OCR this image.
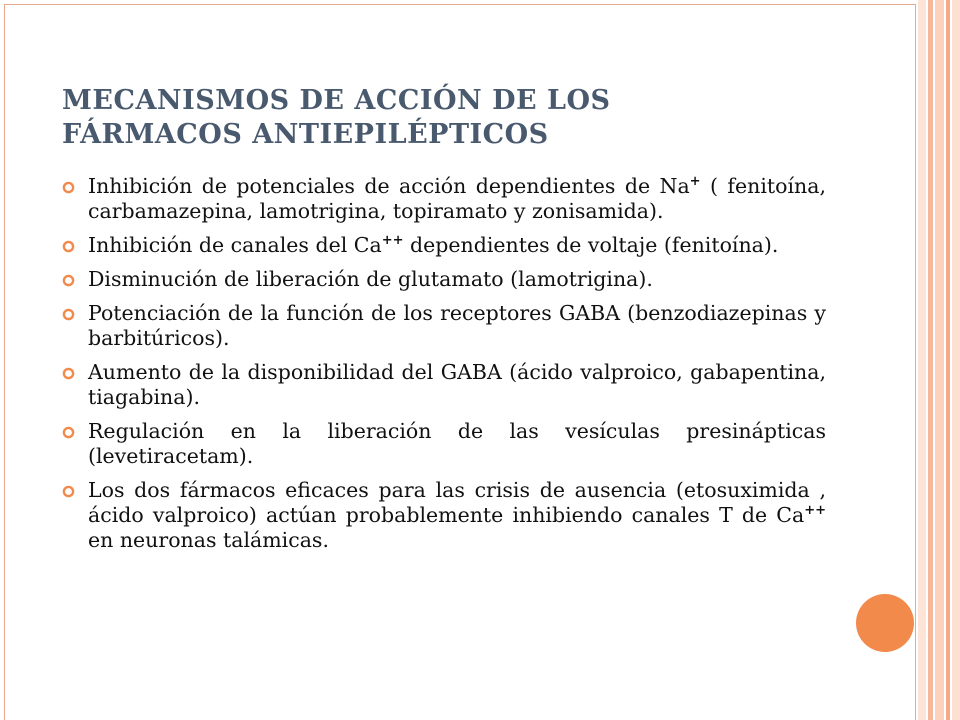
MECANISMOS DE ACCIÓN DE LOS
FÁRMACOS ANTIEPILÉPTICOS
Inhibición de potenciales de acción dependientes de Na+ ( fenitoína, carbamazepina, lamotrigina, topiramato y zonisamida).
Inhibición de canales del Ca++ dependientes de voltaje (fenitoína).
Disminución de liberación de glutamato (lamotrigina).
Potenciación de la función de los receptores GABA (benzodiazepinas y barbitúricos).
Aumento de la disponibilidad del GABA (ácido valproico, gabapentina, tiagabina).
Regulación en la liberación de las vesículas presinápticas (levetiracetam).
Los dos fármacos eficaces para las crisis de ausencia (etosuximida , ácido valproico) actúan probablemente inhibiendo canales T de Ca++ en neuronas talámicas.
